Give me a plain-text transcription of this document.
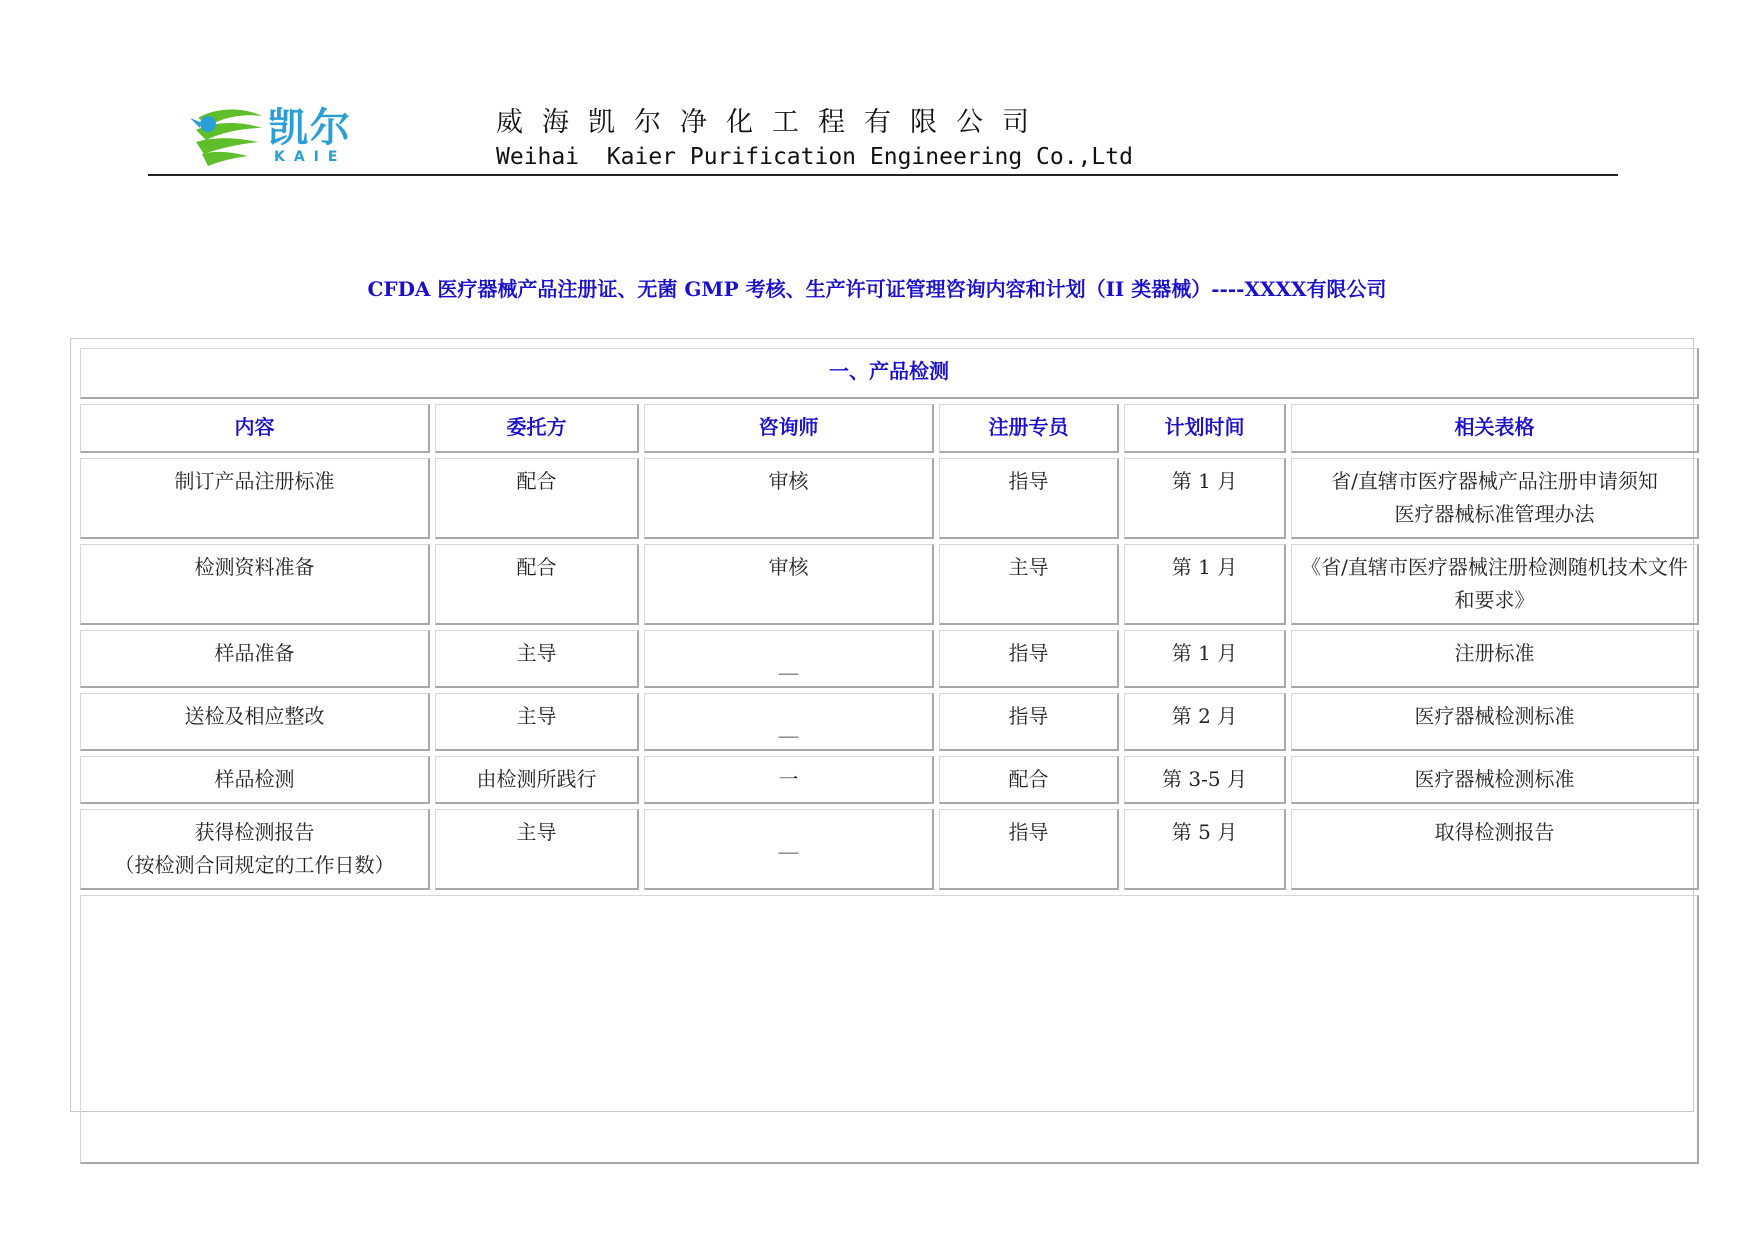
凯尔
KAIE
威海凯尔净化工程有限公司
Weihai  Kaier Purification Engineering Co.,Ltd
CFDA 医疗器械产品注册证、无菌 GMP 考核、生产许可证管理咨询内容和计划（II 类器械）----XXXX有限公司
一、产品检测					
内容	委托方	咨询师	注册专员	计划时间	相关表格
制订产品注册标准	配合	审核	指导	第 1 月	省/直辖市医疗器械产品注册申请须知
医疗器械标准管理办法
检测资料准备	配合	审核	主导	第 1 月	《省/直辖市医疗器械注册检测随机技术文件和要求》
样品准备	主导	__	指导	第 1 月	注册标准
送检及相应整改	主导	__	指导	第 2 月	医疗器械检测标准
样品检测	由检测所践行	一	配合	第 3-5 月	医疗器械检测标准
获得检测报告
（按检测合同规定的工作日数）	主导	__	指导	第 5 月	取得检测报告
